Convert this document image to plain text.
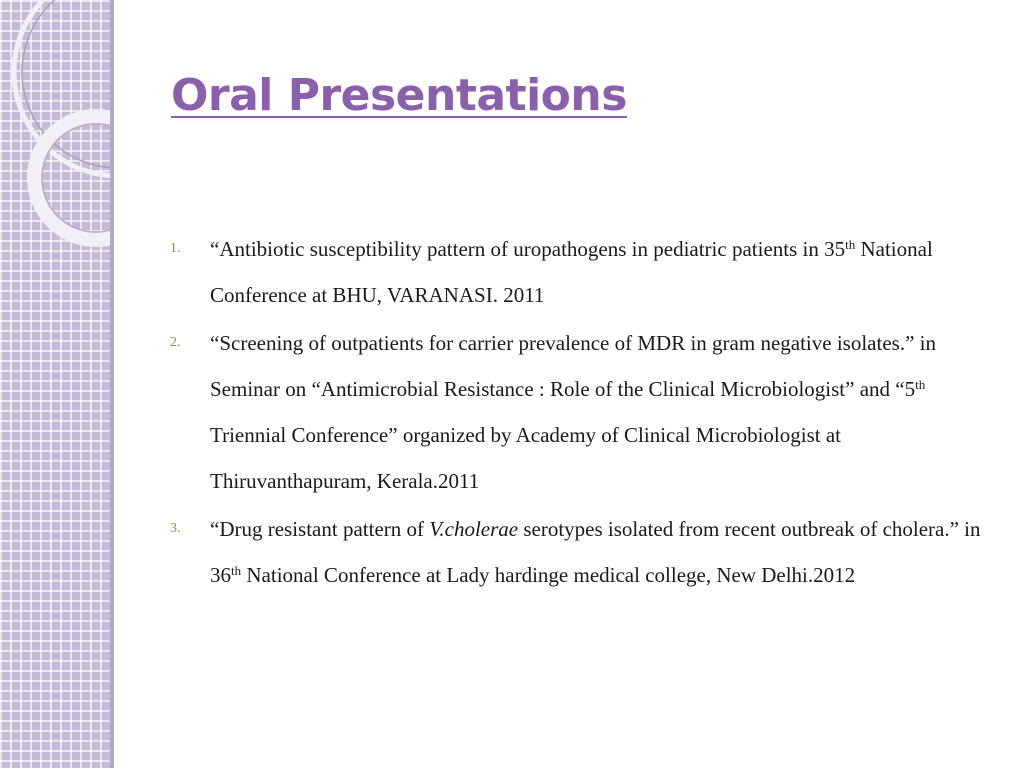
Oral Presentations
1. “Antibiotic susceptibility pattern of uropathogens in pediatric patients in 35th National Conference at BHU, VARANASI. 2011
2. “Screening of outpatients for carrier prevalence of MDR in gram negative isolates.” in Seminar on “Antimicrobial Resistance : Role of the Clinical Microbiologist” and “5th Triennial Conference” organized by Academy of Clinical Microbiologist at Thiruvanthapuram, Kerala.2011
3. “Drug resistant pattern of V.cholerae serotypes isolated from recent outbreak of cholera.” in 36th National Conference at Lady hardinge medical college, New Delhi.2012
